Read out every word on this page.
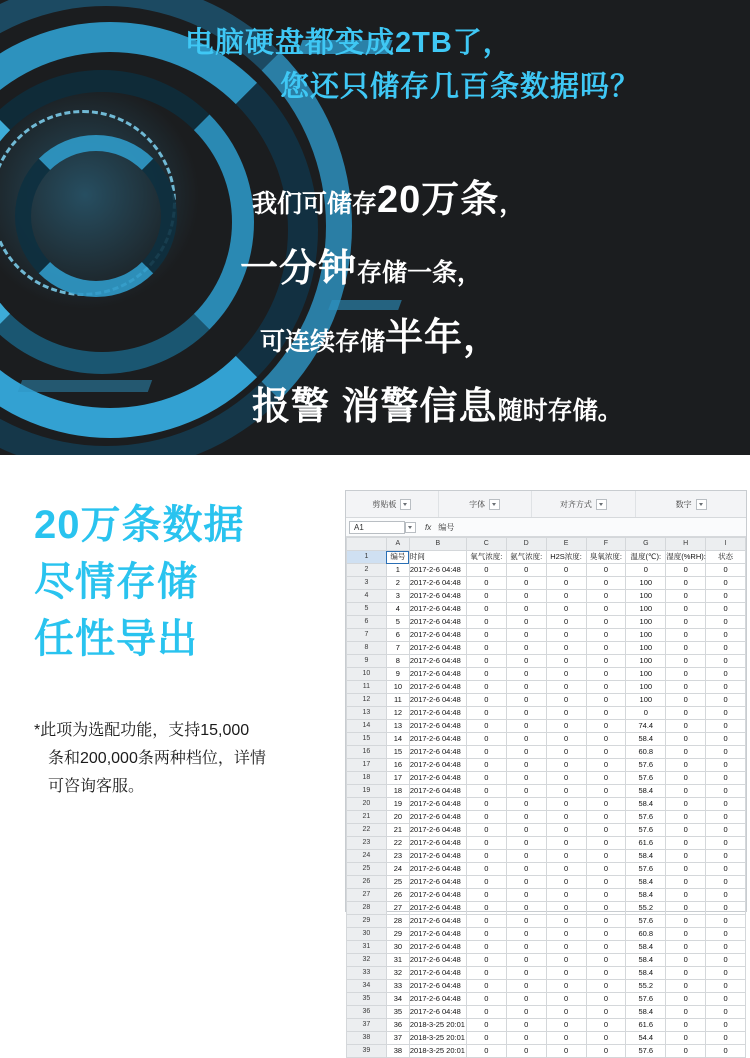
电脑硬盘都变成2TB了，
您还只储存几百条数据吗？
我们可储存 20万条 ，
一分钟 存储一条，
可连续存储 半年，
报警 消警信息 随时存储。
20万条数据
尽情存储
任性导出
*此项为选配功能，支持15,000
条和200,000条两种档位，详情
可咨询客服。
剪贴板	字体	对齐方式	数字
A1	fx 编号
	A	B	C	D	E	F	G	H	I
1	编号	时间	氧气浓度:	氨气浓度:	H2S浓度:	臭氧浓度:	温度(℃):	湿度(%RH):	状态
2	1	2017-2-6 04:48	0	0	0	0	0	0	0
3	2	2017-2-6 04:48	0	0	0	0	100	0	0
4	3	2017-2-6 04:48	0	0	0	0	100	0	0
5	4	2017-2-6 04:48	0	0	0	0	100	0	0
6	5	2017-2-6 04:48	0	0	0	0	100	0	0
7	6	2017-2-6 04:48	0	0	0	0	100	0	0
8	7	2017-2-6 04:48	0	0	0	0	100	0	0
9	8	2017-2-6 04:48	0	0	0	0	100	0	0
10	9	2017-2-6 04:48	0	0	0	0	100	0	0
11	10	2017-2-6 04:48	0	0	0	0	100	0	0
12	11	2017-2-6 04:48	0	0	0	0	100	0	0
13	12	2017-2-6 04:48	0	0	0	0	0	0	0
14	13	2017-2-6 04:48	0	0	0	0	74.4	0	0
15	14	2017-2-6 04:48	0	0	0	0	58.4	0	0
16	15	2017-2-6 04:48	0	0	0	0	60.8	0	0
17	16	2017-2-6 04:48	0	0	0	0	57.6	0	0
18	17	2017-2-6 04:48	0	0	0	0	57.6	0	0
19	18	2017-2-6 04:48	0	0	0	0	58.4	0	0
20	19	2017-2-6 04:48	0	0	0	0	58.4	0	0
21	20	2017-2-6 04:48	0	0	0	0	57.6	0	0
22	21	2017-2-6 04:48	0	0	0	0	57.6	0	0
23	22	2017-2-6 04:48	0	0	0	0	61.6	0	0
24	23	2017-2-6 04:48	0	0	0	0	58.4	0	0
25	24	2017-2-6 04:48	0	0	0	0	57.6	0	0
26	25	2017-2-6 04:48	0	0	0	0	58.4	0	0
27	26	2017-2-6 04:48	0	0	0	0	58.4	0	0
28	27	2017-2-6 04:48	0	0	0	0	55.2	0	0
29	28	2017-2-6 04:48	0	0	0	0	57.6	0	0
30	29	2017-2-6 04:48	0	0	0	0	60.8	0	0
31	30	2017-2-6 04:48	0	0	0	0	58.4	0	0
32	31	2017-2-6 04:48	0	0	0	0	58.4	0	0
33	32	2017-2-6 04:48	0	0	0	0	58.4	0	0
34	33	2017-2-6 04:48	0	0	0	0	55.2	0	0
35	34	2017-2-6 04:48	0	0	0	0	57.6	0	0
36	35	2017-2-6 04:48	0	0	0	0	58.4	0	0
37	36	2018-3-25 20:01	0	0	0	0	61.6	0	0
38	37	2018-3-25 20:01	0	0	0	0	54.4	0	0
39	38	2018-3-25 20:01	0	0	0	0	57.6	0	0
